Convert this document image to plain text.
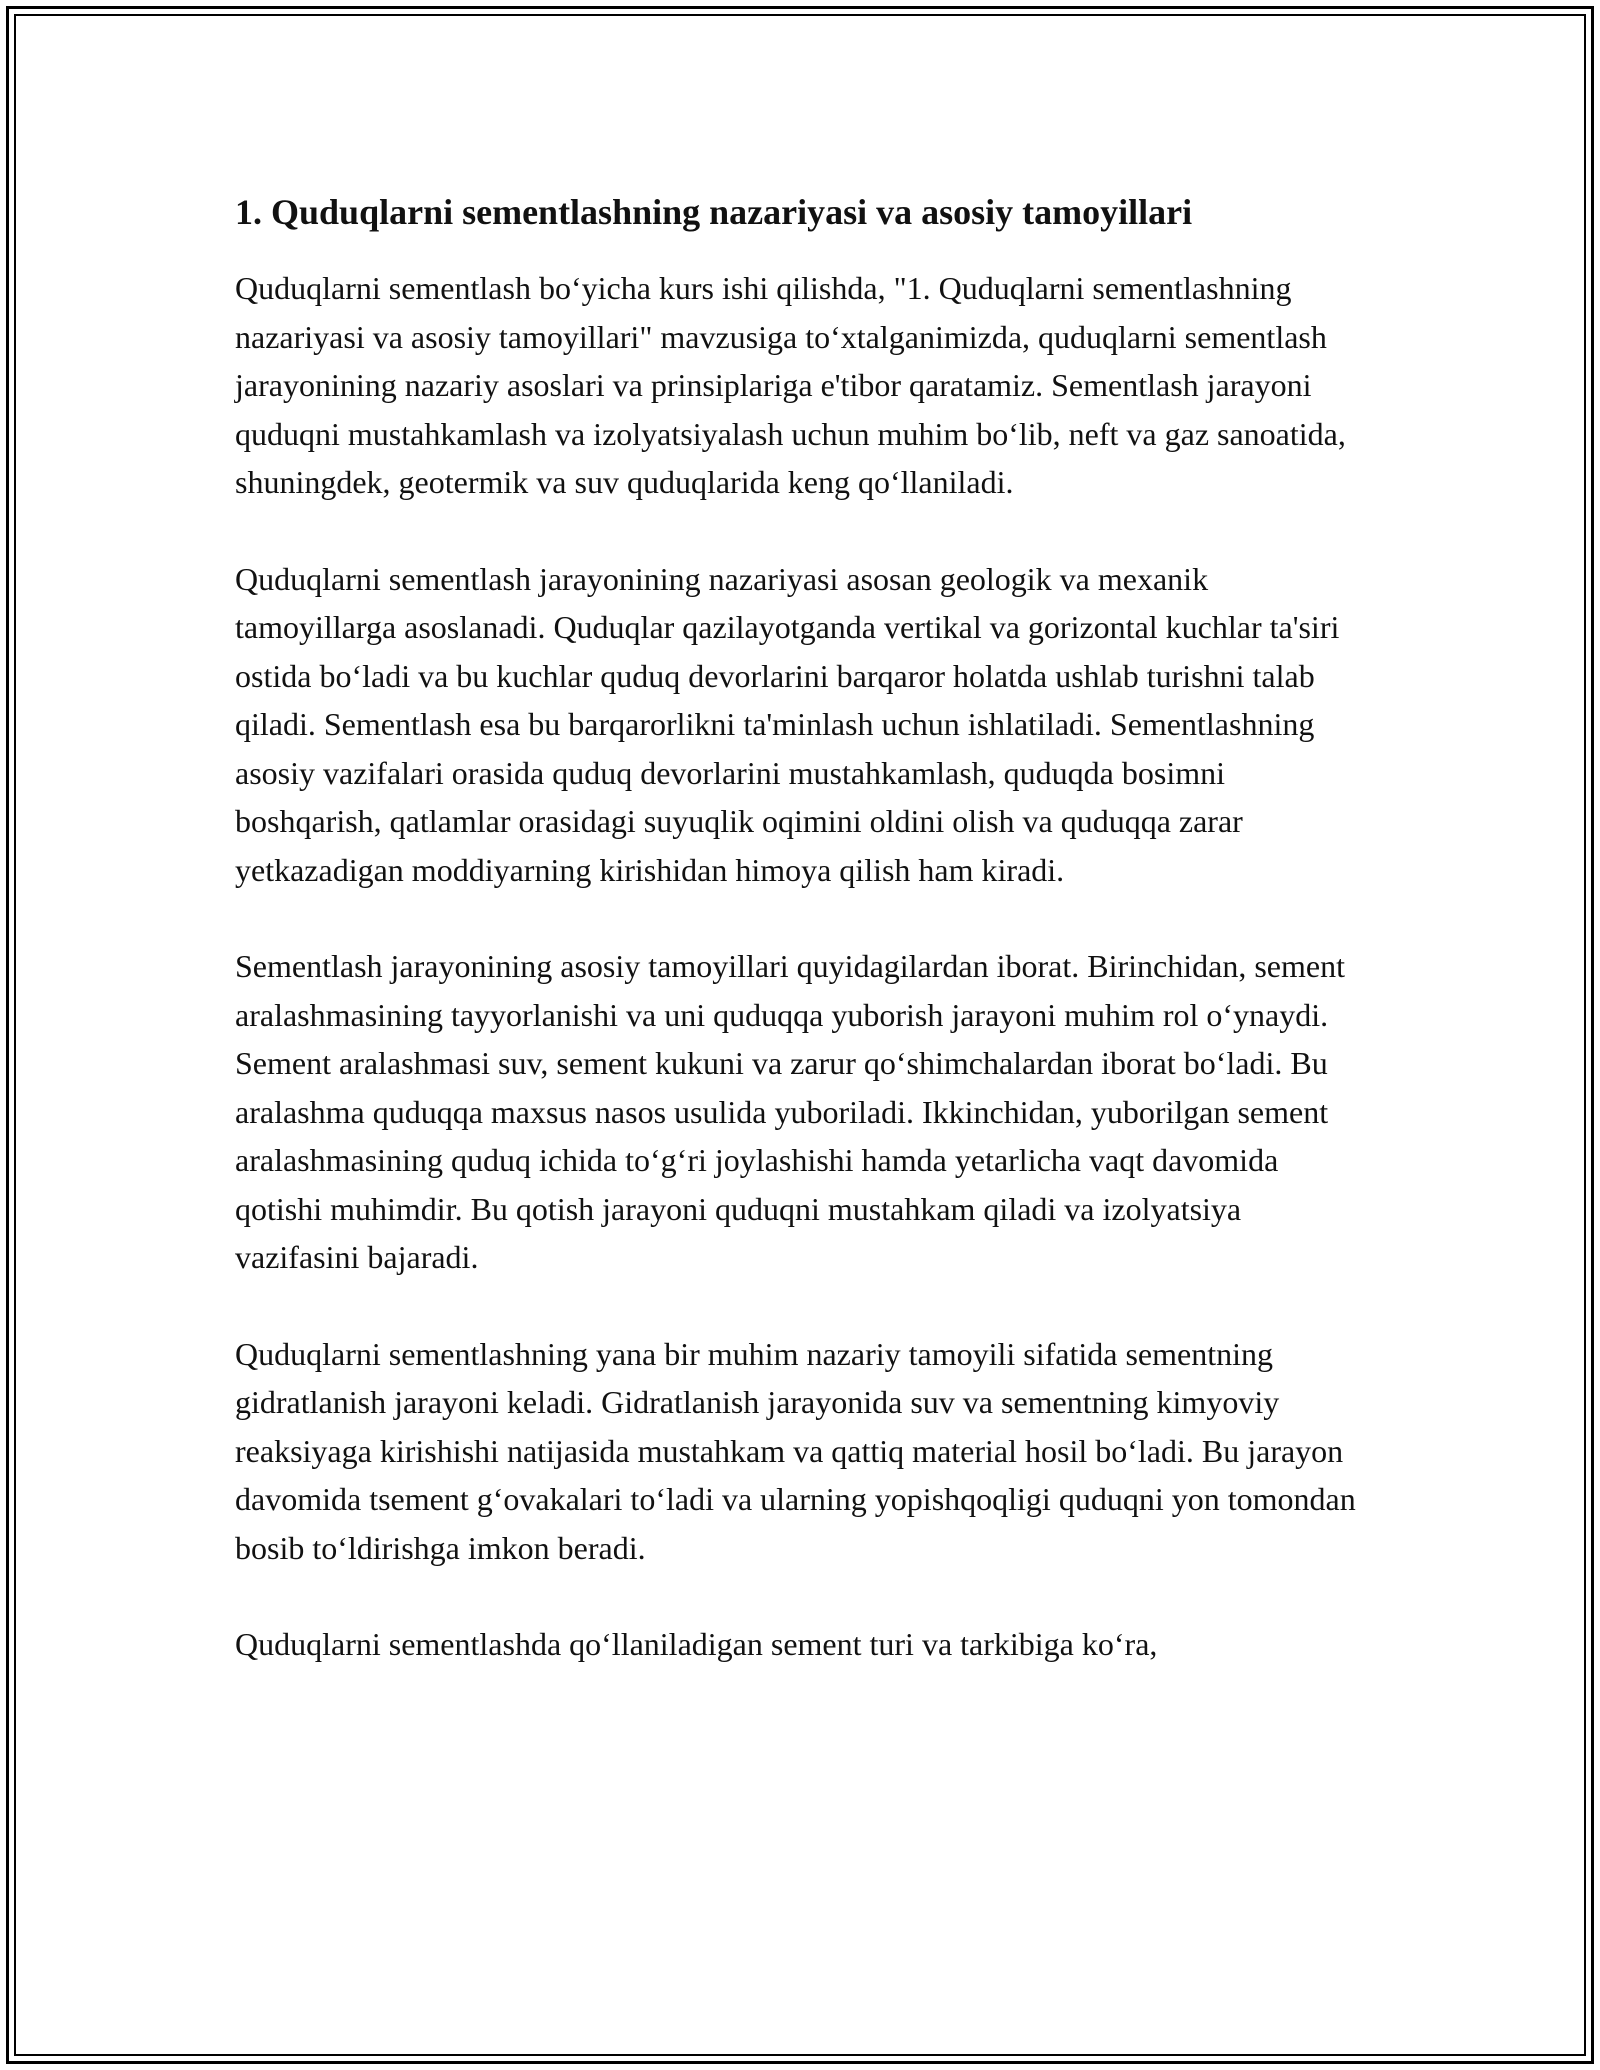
1. Quduqlarni sementlashning nazariyasi va asosiy tamoyillari

Quduqlarni sementlash bo‘yicha kurs ishi qilishda, "1. Quduqlarni sementlashning nazariyasi va asosiy tamoyillari" mavzusiga to‘xtalganimizda, quduqlarni sementlash jarayonining nazariy asoslari va prinsiplariga e'tibor qaratamiz. Sementlash jarayoni quduqni mustahkamlash va izolyatsiyalash uchun muhim bo‘lib, neft va gaz sanoatida, shuningdek, geotermik va suv quduqlarida keng qo‘llaniladi.

Quduqlarni sementlash jarayonining nazariyasi asosan geologik va mexanik tamoyillarga asoslanadi. Quduqlar qazilayotganda vertikal va gorizontal kuchlar ta'siri ostida bo‘ladi va bu kuchlar quduq devorlarini barqaror holatda ushlab turishni talab qiladi. Sementlash esa bu barqarorlikni ta'minlash uchun ishlatiladi. Sementlashning asosiy vazifalari orasida quduq devorlarini mustahkamlash, quduqda bosimni boshqarish, qatlamlar orasidagi suyuqlik oqimini oldini olish va quduqqa zarar yetkazadigan moddiyarning kirishidan himoya qilish ham kiradi.

Sementlash jarayonining asosiy tamoyillari quyidagilardan iborat. Birinchidan, sement aralashmasining tayyorlanishi va uni quduqqa yuborish jarayoni muhim rol o‘ynaydi. Sement aralashmasi suv, sement kukuni va zarur qo‘shimchalardan iborat bo‘ladi. Bu aralashma quduqqa maxsus nasos usulida yuboriladi. Ikkinchidan, yuborilgan sement aralashmasining quduq ichida to‘g‘ri joylashishi hamda yetarlicha vaqt davomida qotishi muhimdir. Bu qotish jarayoni quduqni mustahkam qiladi va izolyatsiya vazifasini bajaradi.

Quduqlarni sementlashning yana bir muhim nazariy tamoyili sifatida sementning gidratlanish jarayoni keladi. Gidratlanish jarayonida suv va sementning kimyoviy reaksiyaga kirishishi natijasida mustahkam va qattiq material hosil bo‘ladi. Bu jarayon davomida tsement g‘ovakalari to‘ladi va ularning yopishqoqligi quduqni yon tomondan bosib to‘ldirishga imkon beradi.

Quduqlarni sementlashda qo‘llaniladigan sement turi va tarkibiga ko‘ra,
